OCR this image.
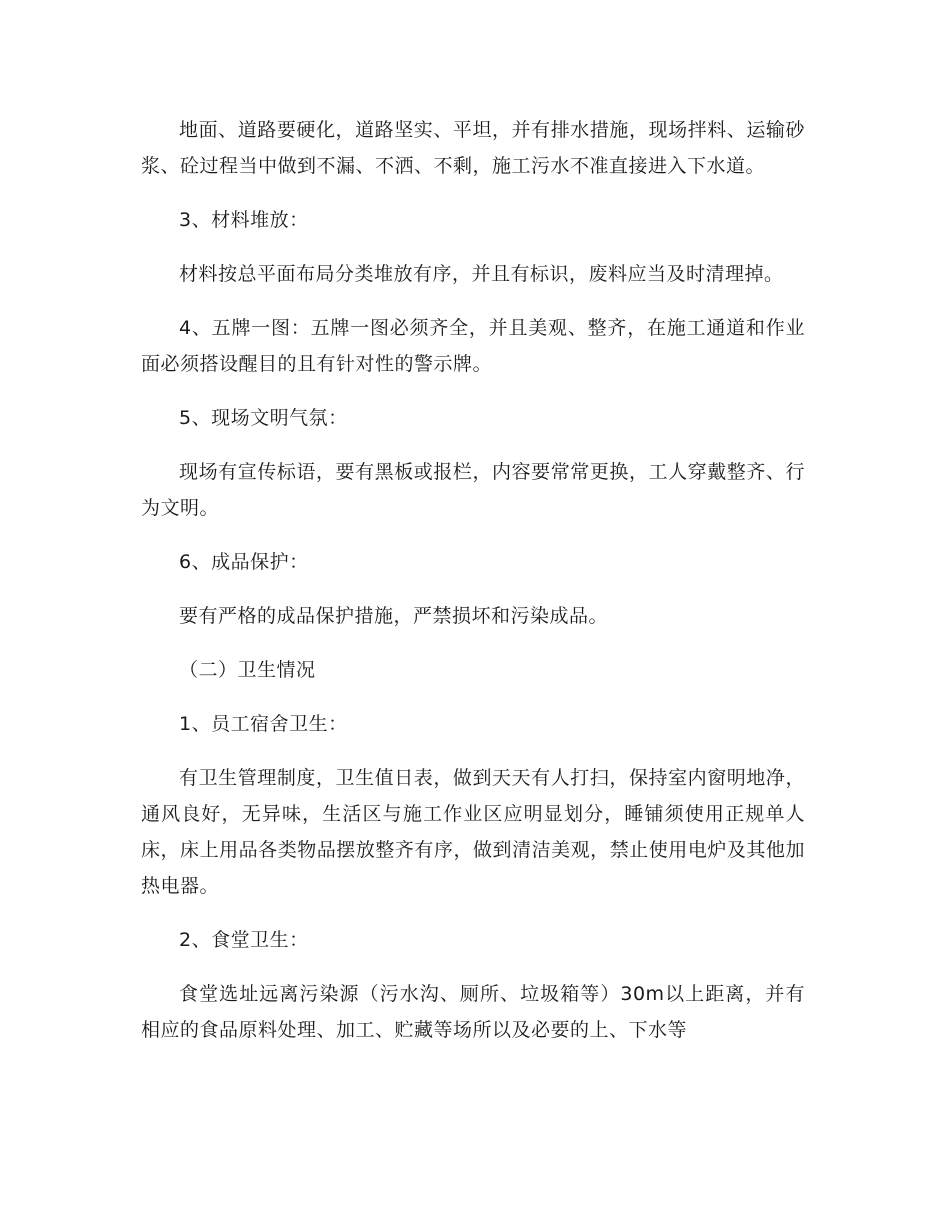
地面、道路要硬化，道路坚实、平坦，并有排水措施，现场拌料、运输砂浆、砼过程当中做到不漏、不洒、不剩，施工污水不准直接进入下水道。

3、材料堆放：

材料按总平面布局分类堆放有序，并且有标识，废料应当及时清理掉。

4、五牌一图：五牌一图必须齐全，并且美观、整齐，在施工通道和作业面必须搭设醒目的且有针对性的警示牌。

5、现场文明气氛：

现场有宣传标语，要有黑板或报栏，内容要常常更换，工人穿戴整齐、行为文明。

6、成品保护：

要有严格的成品保护措施，严禁损坏和污染成品。

（二）卫生情况

1、员工宿舍卫生：

有卫生管理制度，卫生值日表，做到天天有人打扫，保持室内窗明地净，通风良好，无异味，生活区与施工作业区应明显划分，睡铺须使用正规单人床，床上用品各类物品摆放整齐有序，做到清洁美观，禁止使用电炉及其他加热电器。

2、食堂卫生：

食堂选址远离污染源（污水沟、厕所、垃圾箱等）30m以上距离，并有相应的食品原料处理、加工、贮藏等场所以及必要的上、下水等
